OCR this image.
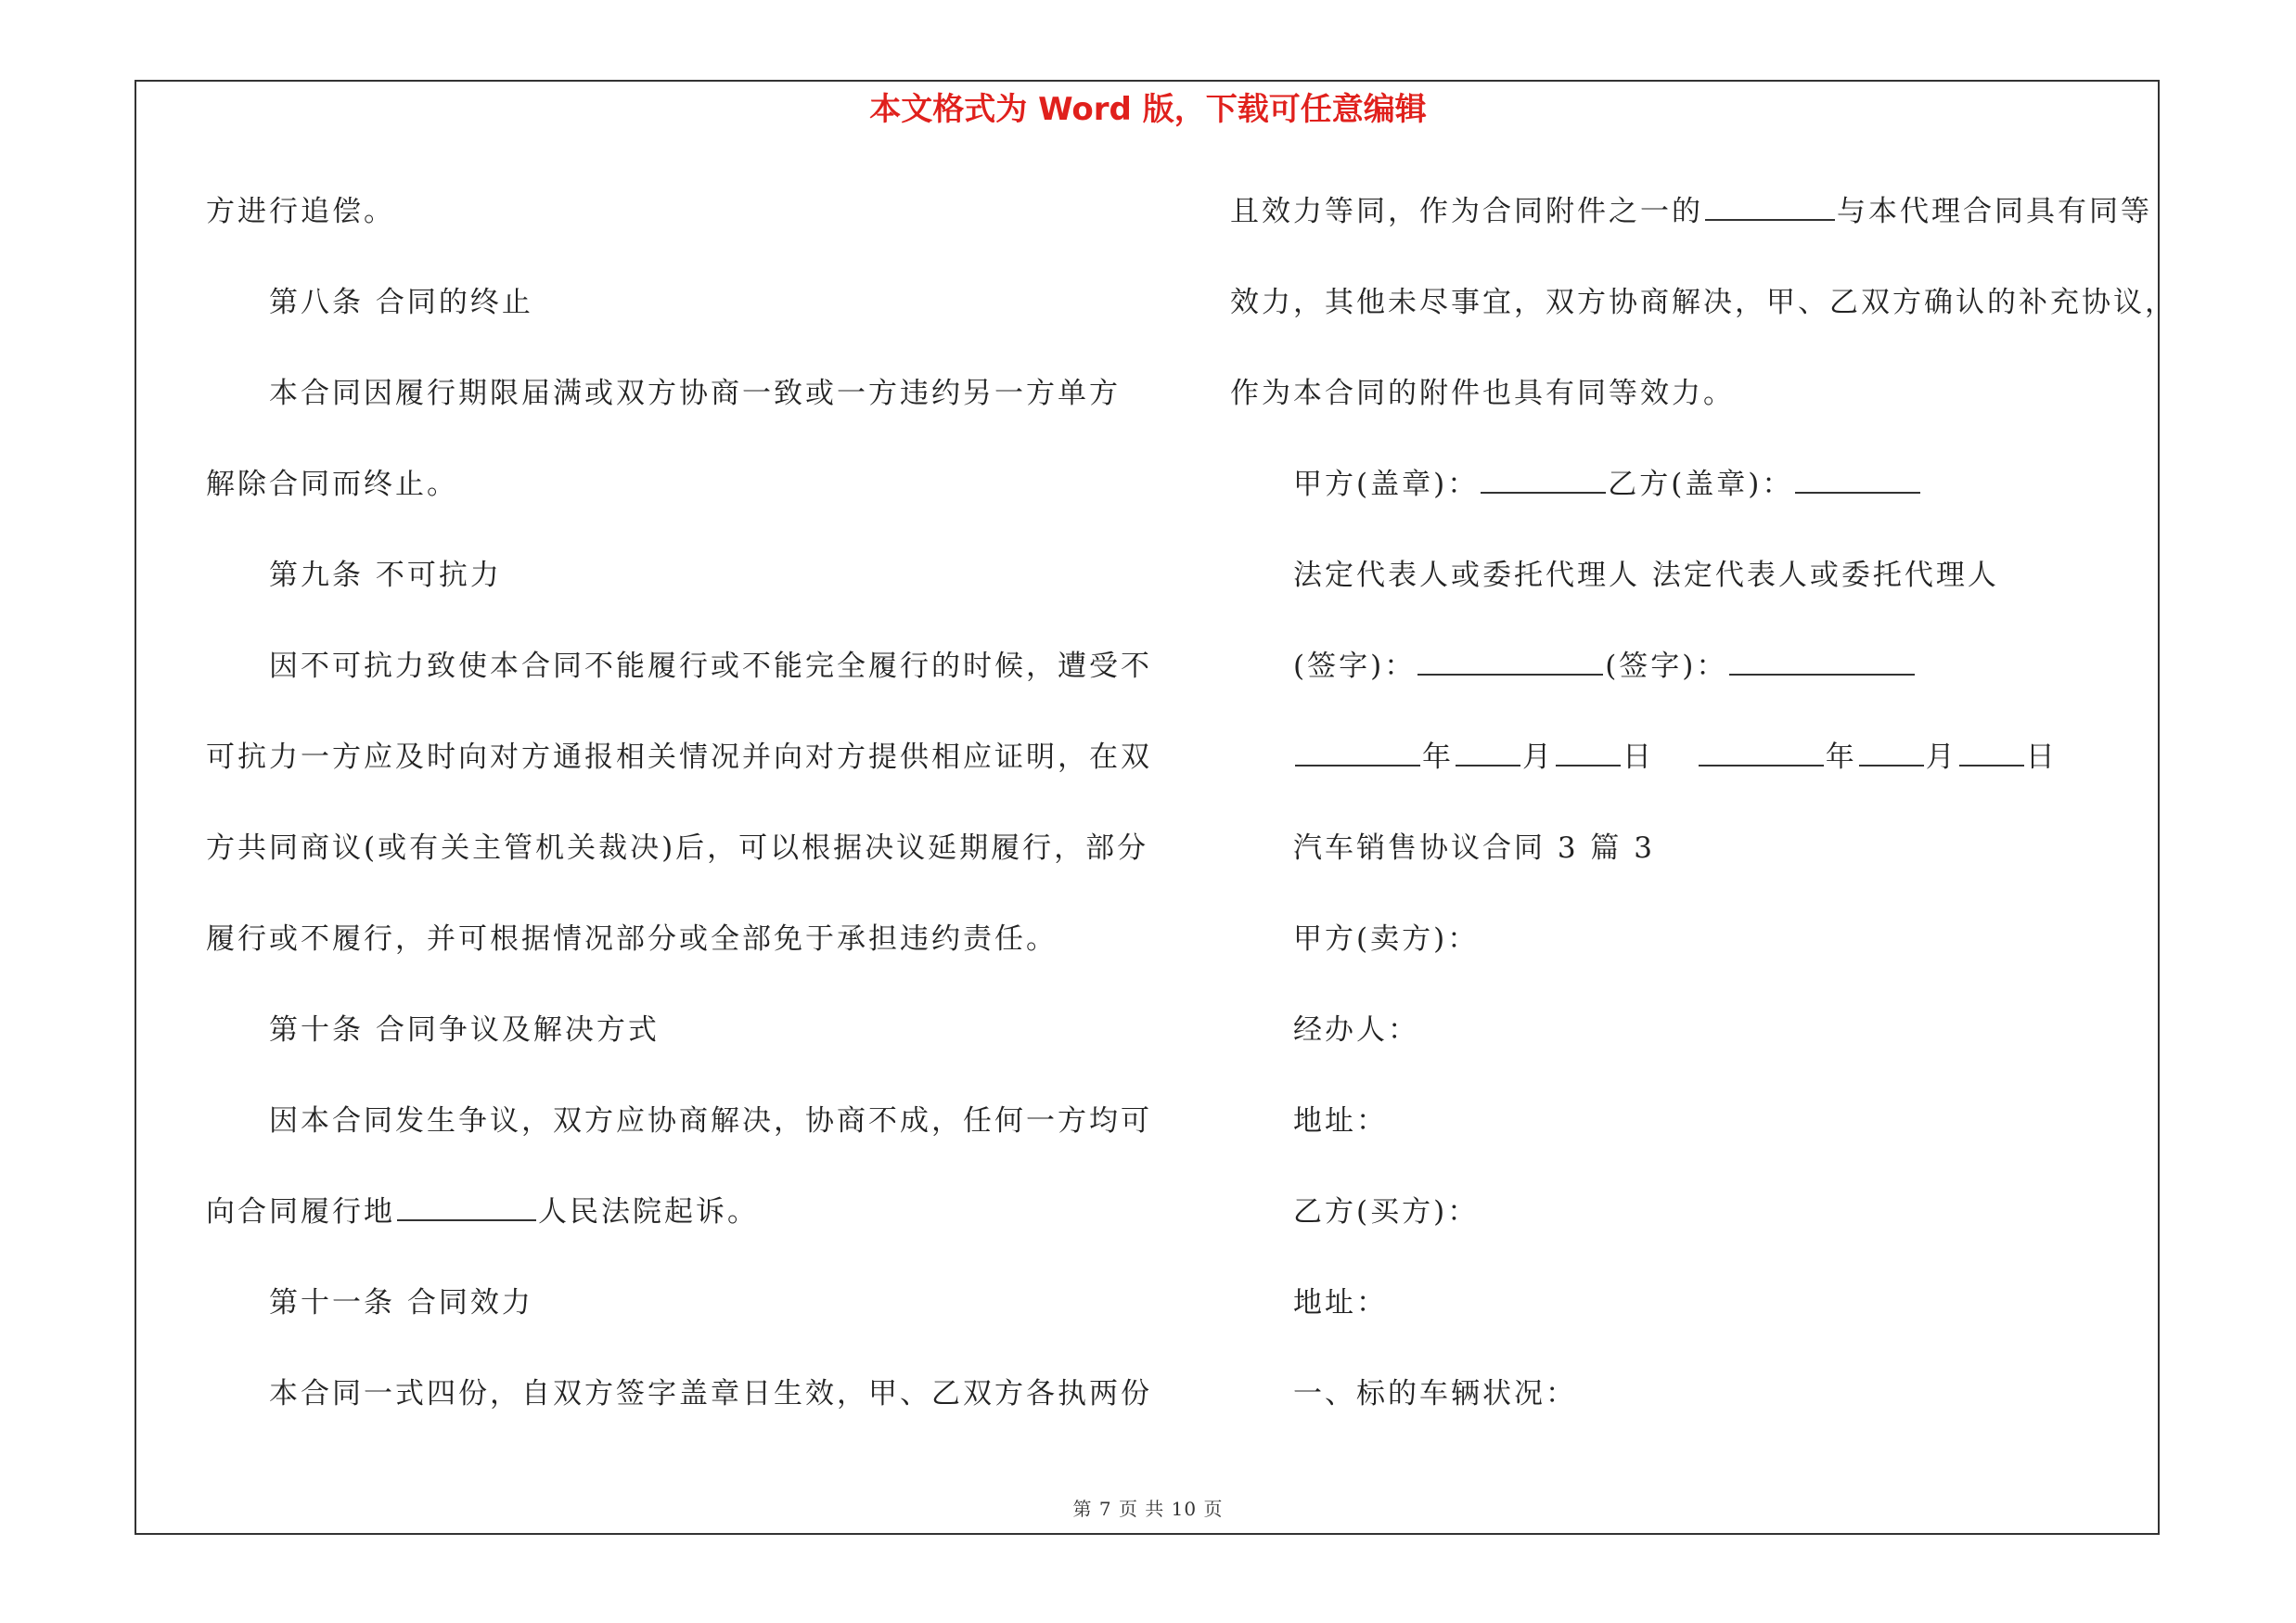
本文格式为 Word 版，下载可任意编辑
方进行追偿。
第八条 合同的终止
本合同因履行期限届满或双方协商一致或一方违约另一方单方
解除合同而终止。
第九条 不可抗力
因不可抗力致使本合同不能履行或不能完全履行的时候，遭受不
可抗力一方应及时向对方通报相关情况并向对方提供相应证明，在双
方共同商议(或有关主管机关裁决)后，可以根据决议延期履行，部分
履行或不履行，并可根据情况部分或全部免于承担违约责任。
第十条 合同争议及解决方式
因本合同发生争议，双方应协商解决，协商不成，任何一方均可
向合同履行地	人民法院起诉。
第十一条 合同效力
本合同一式四份，自双方签字盖章日生效，甲、乙双方各执两份
且效力等同，作为合同附件之一的	与本代理合同具有同等
效力，其他未尽事宜，双方协商解决，甲、乙双方确认的补充协议，
作为本合同的附件也具有同等效力。
甲方(盖章)：	乙方(盖章)：
法定代表人或委托代理人 法定代表人或委托代理人
(签字)：	(签字)：
年 月 日	年 月 日
汽车销售协议合同 3 篇 3
甲方(卖方)：
经办人：
地址：
乙方(买方)：
地址：
一、标的车辆状况：
第 7 页 共 10 页
